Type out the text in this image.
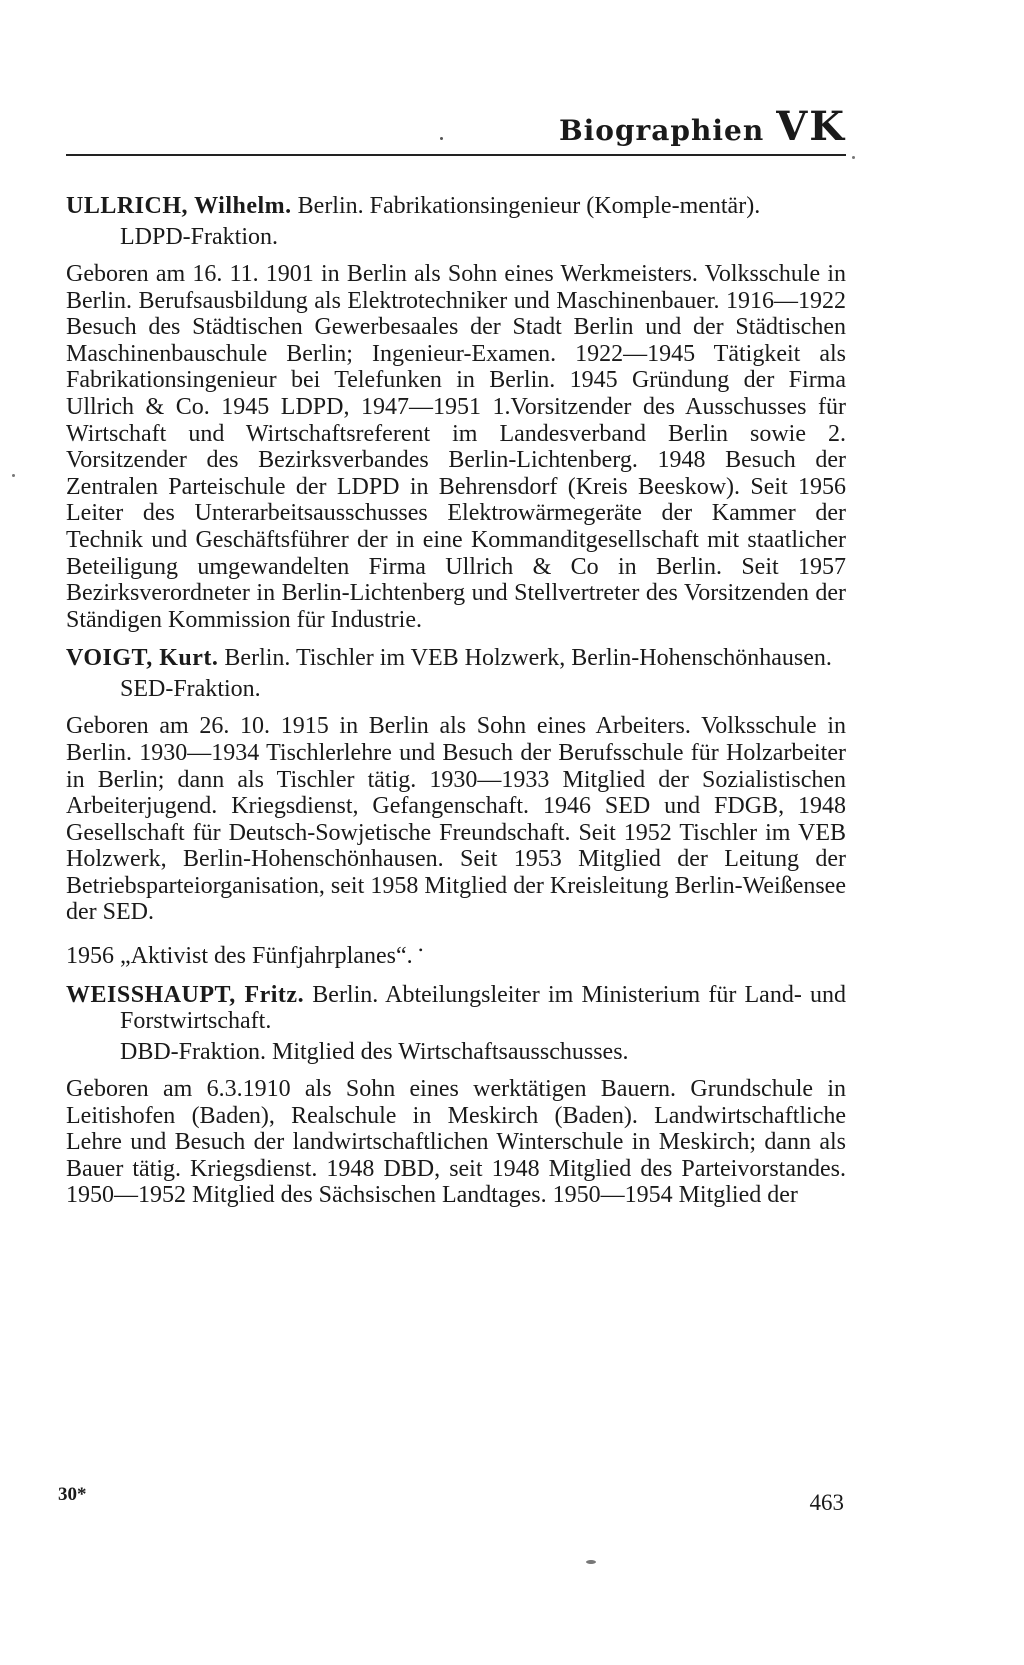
Biographien VK

ULLRICH, Wilhelm. Berlin. Fabrikationsingenieur (Komple-mentär).

LDPD-Fraktion.

Geboren am 16. 11. 1901 in Berlin als Sohn eines Werkmeisters. Volksschule in Berlin. Berufsausbildung als Elektrotechniker und Maschinenbauer. 1916—1922 Besuch des Städtischen Gewerbesaales der Stadt Berlin und der Städtischen Maschinenbauschule Berlin; Ingenieur-Examen. 1922—1945 Tätigkeit als Fabrikationsingenieur bei Telefunken in Berlin. 1945 Gründung der Firma Ullrich & Co. 1945 LDPD, 1947—1951 1.Vorsitzender des Ausschusses für Wirtschaft und Wirtschaftsreferent im Landesverband Berlin sowie 2. Vorsitzender des Bezirksverbandes Berlin-Lichtenberg. 1948 Besuch der Zentralen Parteischule der LDPD in Behrensdorf (Kreis Beeskow). Seit 1956 Leiter des Unterarbeitsausschusses Elektrowärmegeräte der Kammer der Technik und Geschäftsführer der in eine Kommanditgesellschaft mit staatlicher Beteiligung umgewandelten Firma Ullrich & Co in Berlin. Seit 1957 Bezirksverordneter in Berlin-Lichtenberg und Stellvertreter des Vorsitzenden der Ständigen Kommission für Industrie.

VOIGT, Kurt. Berlin. Tischler im VEB Holzwerk, Berlin-Hohenschönhausen.

SED-Fraktion.

Geboren am 26. 10. 1915 in Berlin als Sohn eines Arbeiters. Volksschule in Berlin. 1930—1934 Tischlerlehre und Besuch der Berufsschule für Holzarbeiter in Berlin; dann als Tischler tätig. 1930—1933 Mitglied der Sozialistischen Arbeiterjugend. Kriegsdienst, Gefangenschaft. 1946 SED und FDGB, 1948 Gesellschaft für Deutsch-Sowjetische Freundschaft. Seit 1952 Tischler im VEB Holzwerk, Berlin-Hohenschönhausen. Seit 1953 Mitglied der Leitung der Betriebsparteiorganisation, seit 1958 Mitglied der Kreisleitung Berlin-Weißensee der SED.

1956 „Aktivist des Fünfjahrplanes“. •

WEISSHAUPT, Fritz. Berlin. Abteilungsleiter im Ministerium für Land- und Forstwirtschaft.

DBD-Fraktion. Mitglied des Wirtschaftsausschusses.

Geboren am 6.3.1910 als Sohn eines werktätigen Bauern. Grundschule in Leitishofen (Baden), Realschule in Meskirch (Baden). Landwirtschaftliche Lehre und Besuch der landwirtschaftlichen Winterschule in Meskirch; dann als Bauer tätig. Kriegsdienst. 1948 DBD, seit 1948 Mitglied des Parteivorstandes. 1950—1952 Mitglied des Sächsischen Landtages. 1950—1954 Mitglied der

30*	463
